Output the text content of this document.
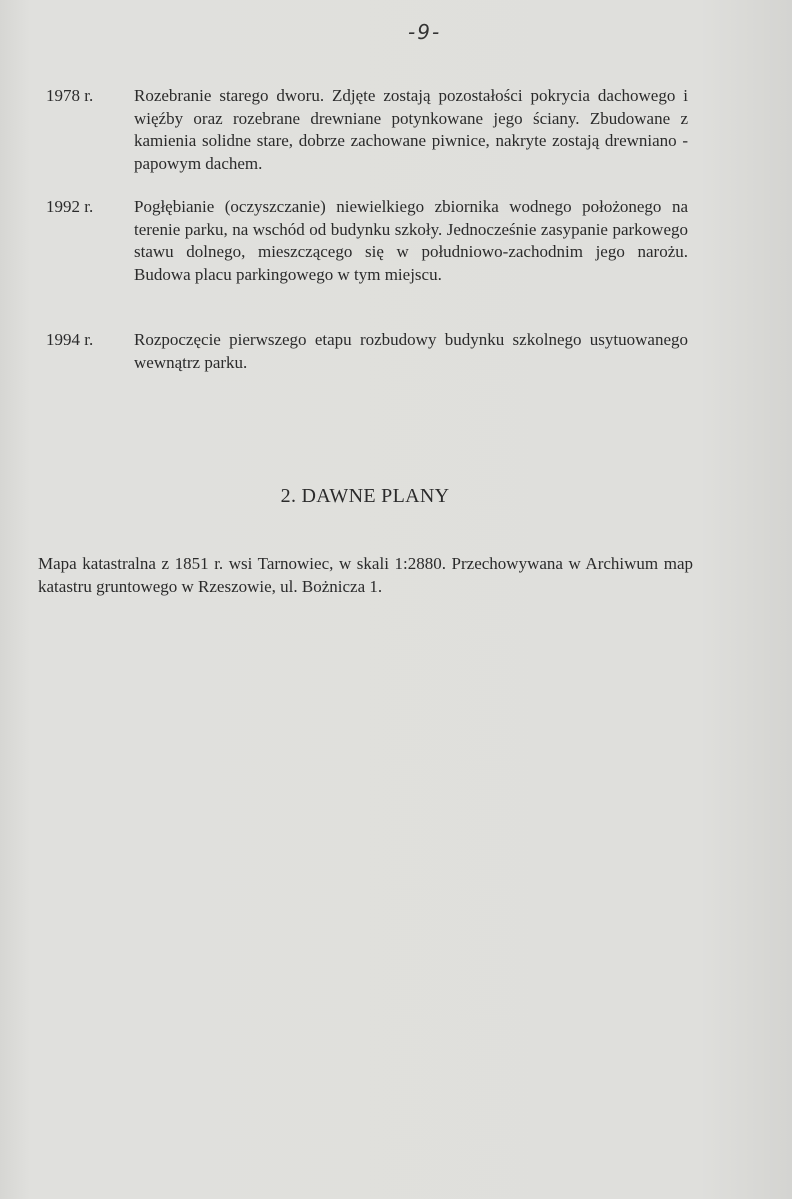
-9-
1978 r. Rozebranie starego dworu. Zdjęte zostają pozostałości pokrycia dachowego i więźby oraz rozebrane drewniane potynkowane jego ściany. Zbudowane z kamienia solidne stare, dobrze zachowane piwnice, nakryte zostają drewniano - papowym dachem.
1992 r. Pogłębianie (oczyszczanie) niewielkiego zbiornika wodnego położonego na terenie parku, na wschód od budynku szkoły. Jednocześnie zasypanie parkowego stawu dolnego, mieszczącego się w południowo-zachodnim jego narożu. Budowa placu parkingowego w tym miejscu.
1994 r. Rozpoczęcie pierwszego etapu rozbudowy budynku szkolnego usytuowanego wewnątrz parku.
2. DAWNE PLANY
Mapa katastralna z 1851 r. wsi Tarnowiec, w skali 1:2880. Przechowywana w Archiwum map katastru gruntowego w Rzeszowie, ul. Bożnicza 1.
